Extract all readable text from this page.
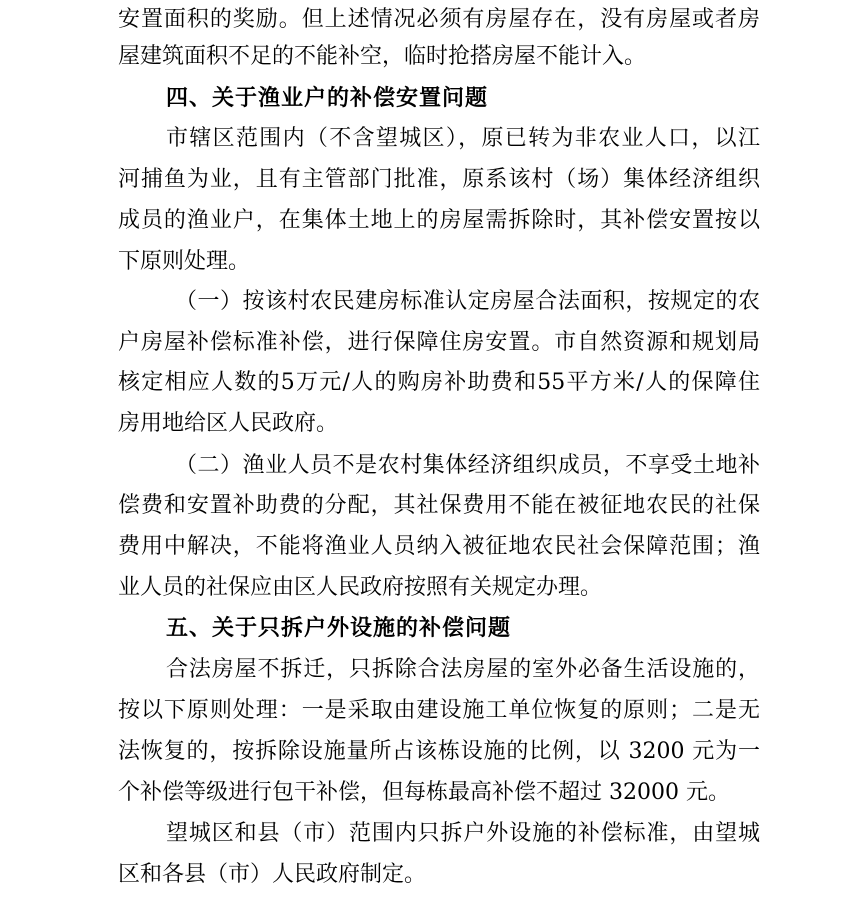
安置面积的奖励。但上述情况必须有房屋存在，没有房屋或者房
屋建筑面积不足的不能补空，临时抢搭房屋不能计入。
四、关于渔业户的补偿安置问题
市辖区范围内（不含望城区），原已转为非农业人口，以江
河捕鱼为业，且有主管部门批准，原系该村（场）集体经济组织
成员的渔业户，在集体土地上的房屋需拆除时，其补偿安置按以
下原则处理。
（一）按该村农民建房标准认定房屋合法面积，按规定的农
户房屋补偿标准补偿，进行保障住房安置。市自然资源和规划局
核定相应人数的5万元/人的购房补助费和55平方米/人的保障住
房用地给区人民政府。
（二）渔业人员不是农村集体经济组织成员，不享受土地补
偿费和安置补助费的分配，其社保费用不能在被征地农民的社保
费用中解决，不能将渔业人员纳入被征地农民社会保障范围；渔
业人员的社保应由区人民政府按照有关规定办理。
五、关于只拆户外设施的补偿问题
合法房屋不拆迁，只拆除合法房屋的室外必备生活设施的，
按以下原则处理：一是采取由建设施工单位恢复的原则；二是无
法恢复的，按拆除设施量所占该栋设施的比例，以 3200 元为一
个补偿等级进行包干补偿，但每栋最高补偿不超过 32000 元。
望城区和县（市）范围内只拆户外设施的补偿标准，由望城
区和各县（市）人民政府制定。
